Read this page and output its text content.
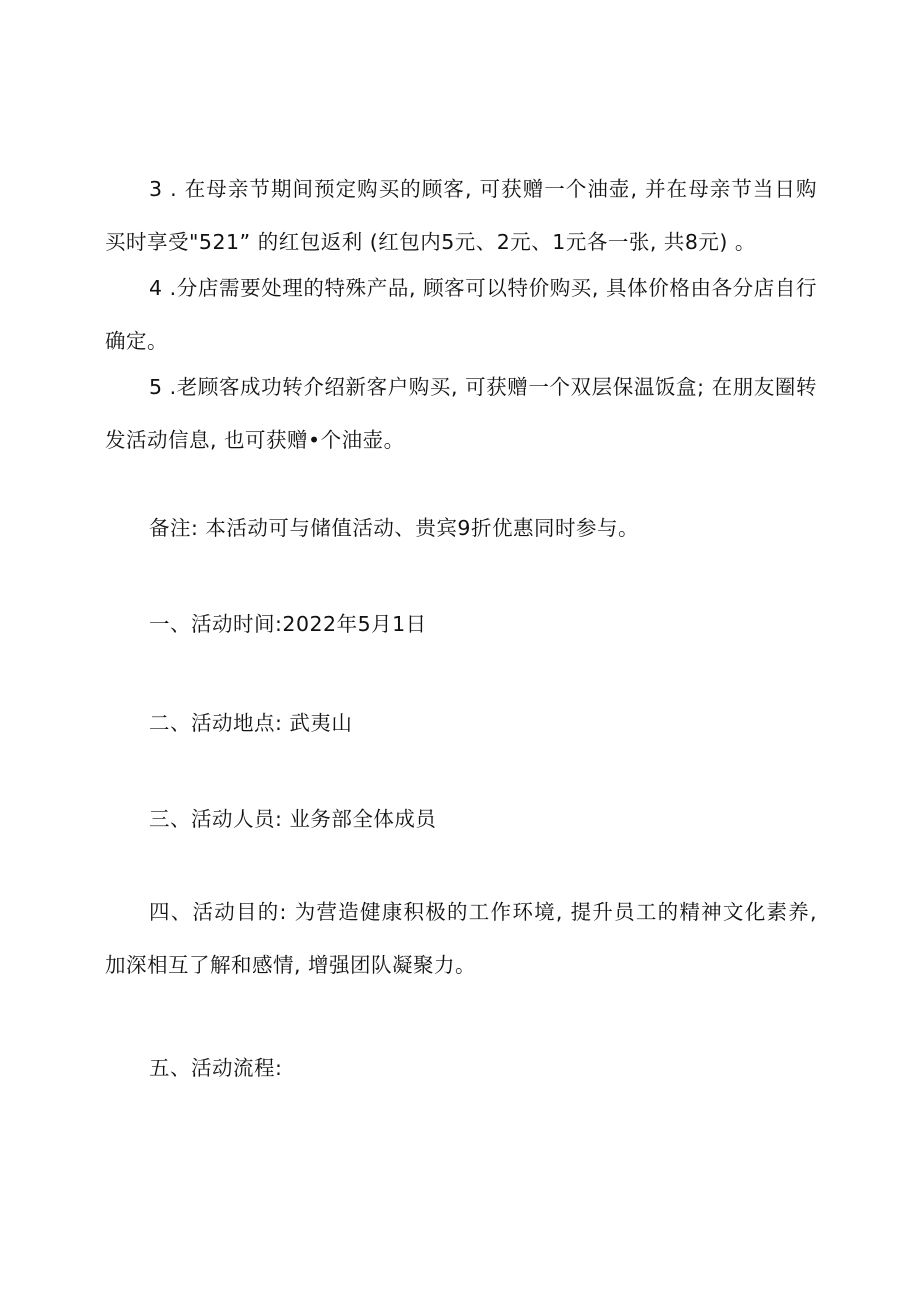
3 . 在母亲节期间预定购买的顾客, 可获赠一个油壶, 并在母亲节当日购买时享受"521” 的红包返利 (红包内5元、2元、1元各一张, 共8元) 。

4 .分店需要处理的特殊产品, 顾客可以特价购买, 具体价格由各分店自行确定。

5 .老顾客成功转介绍新客户购买, 可获赠一个双层保温饭盒; 在朋友圈转发活动信息, 也可获赠•个油壶。

备注: 本活动可与储值活动、贵宾9折优惠同时参与。

一、活动时间:2022年5月1日

二、活动地点: 武夷山

三、活动人员: 业务部全体成员

四、活动目的: 为营造健康积极的工作环境, 提升员工的精神文化素养, 加深相互了解和感情, 增强团队凝聚力。

五、活动流程:
